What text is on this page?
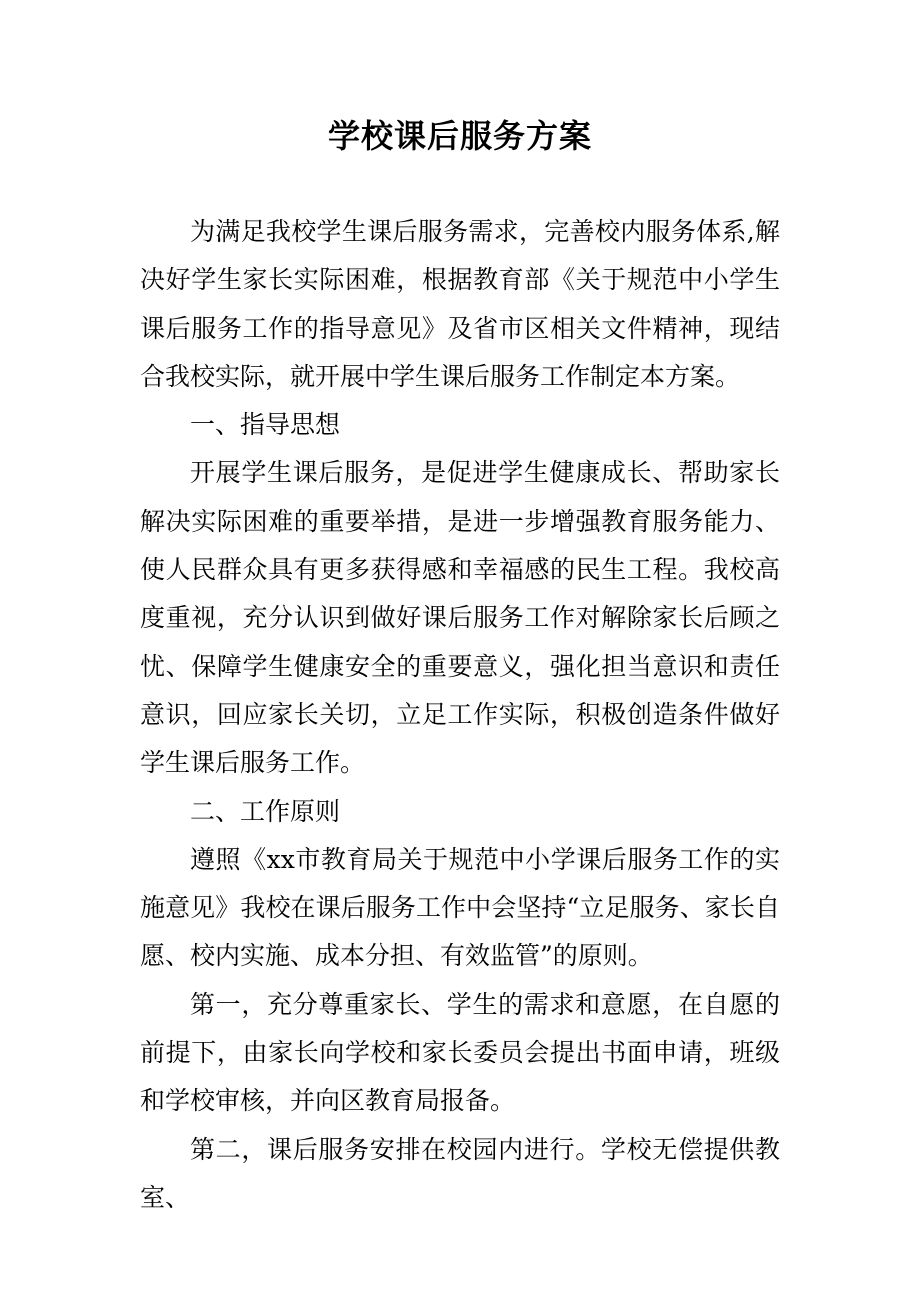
学校课后服务方案

为满足我校学生课后服务需求，完善校内服务体系,解决好学生家长实际困难，根据教育部《关于规范中小学生课后服务工作的指导意见》及省市区相关文件精神，现结合我校实际，就开展中学生课后服务工作制定本方案。

一、指导思想

开展学生课后服务，是促进学生健康成长、帮助家长解决实际困难的重要举措，是进一步增强教育服务能力、使人民群众具有更多获得感和幸福感的民生工程。我校高度重视，充分认识到做好课后服务工作对解除家长后顾之忧、保障学生健康安全的重要意义，强化担当意识和责任意识，回应家长关切，立足工作实际，积极创造条件做好学生课后服务工作。

二、工作原则

遵照《xx市教育局关于规范中小学课后服务工作的实施意见》我校在课后服务工作中会坚持“立足服务、家长自愿、校内实施、成本分担、有效监管”的原则。

第一，充分尊重家长、学生的需求和意愿，在自愿的前提下，由家长向学校和家长委员会提出书面申请，班级和学校审核，并向区教育局报备。

第二，课后服务安排在校园内进行。学校无偿提供教室、
